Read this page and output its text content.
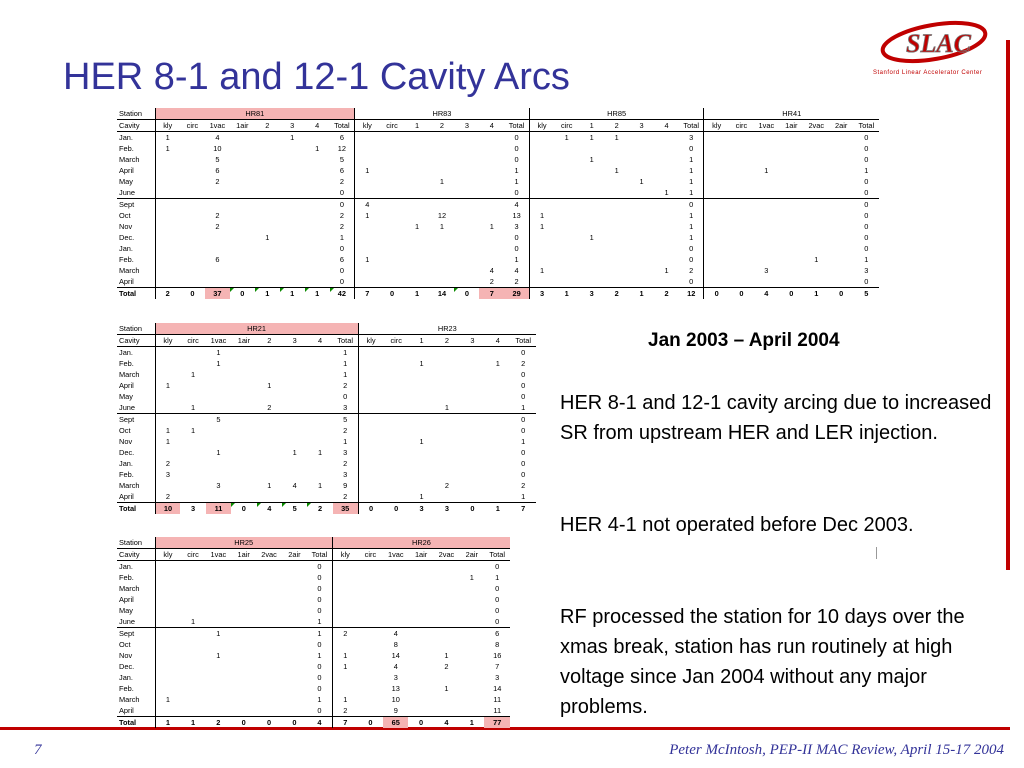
HER 8-1 and 12-1 Cavity Arcs
SLAC
Stanford Linear Accelerator Center
Station	HR81								HR83							HR85							HR41						
Cavity	kly	circ	1vac	1air	2	3	4	Total	kly	circ	1	2	3	4	Total	kly	circ	1	2	3	4	Total	kly	circ	1vac	1air	2vac	2air	Total
Jan.	1		4			1		6							0		1	1	1			3							0
Feb.	1		10				1	12							0							0							0
March			5					5							0			1				1							0
April			6					6	1						1				1			1			1				1
May			2					2				1			1					1		1							0
June								0							0						1	1							0
Sept								0	4						4							0							0
Oct			2					2	1			12			13	1						1							0
Nov			2					2			1	1		1	3	1						1							0
Dec.					1			1							0			1				1							0
Jan.								0							0							0							0
Feb.			6					6	1						1							0					1		1
March								0						4	4	1					1	2			3				3
April								0						2	2							0							0
Total	2	0	37	0	1	1	1	42	7	0	1	14	0	7	29	3	1	3	2	1	2	12	0	0	4	0	1	0	5
Station	HR21								HR23						
Cavity	kly	circ	1vac	1air	2	3	4	Total	kly	circ	1	2	3	4	Total
Jan.			1					1							0
Feb.			1					1			1			1	2
March		1						1							0
April	1				1			2							0
May								0							0
June		1			2			3				1			1
Sept			5					5							0
Oct	1	1						2							0
Nov	1							1			1				1
Dec.			1			1	1	3							0
Jan.	2							2							0
Feb.	3							3							0
March			3		1	4	1	9				2			2
April	2							2			1				1
Total	10	3	11	0	4	5	2	35	0	0	3	3	0	1	7
Station	HR25							HR26						
Cavity	kly	circ	1vac	1air	2vac	2air	Total	kly	circ	1vac	1air	2vac	2air	Total
Jan.							0							0
Feb.							0						1	1
March							0							0
April							0							0
May							0							0
June		1					1							0
Sept			1				1	2		4				6
Oct							0			8				8
Nov			1				1	1		14		1		16
Dec.							0	1		4		2		7
Jan.							0			3				3
Feb.							0			13		1		14
March	1						1	1		10				11
April							0	2		9				11
Total	1	1	2	0	0	0	4	7	0	65	0	4	1	77
Jan 2003 – April 2004

HER 8-1 and 12-1 cavity arcing due to increased SR from upstream HER and LER injection.

HER 4-1 not operated before Dec 2003.

RF processed the station for 10 days over the xmas break, station has run routinely at high voltage since Jan 2004 without any major problems.

7	Peter McIntosh, PEP-II MAC Review, April 15-17 2004
